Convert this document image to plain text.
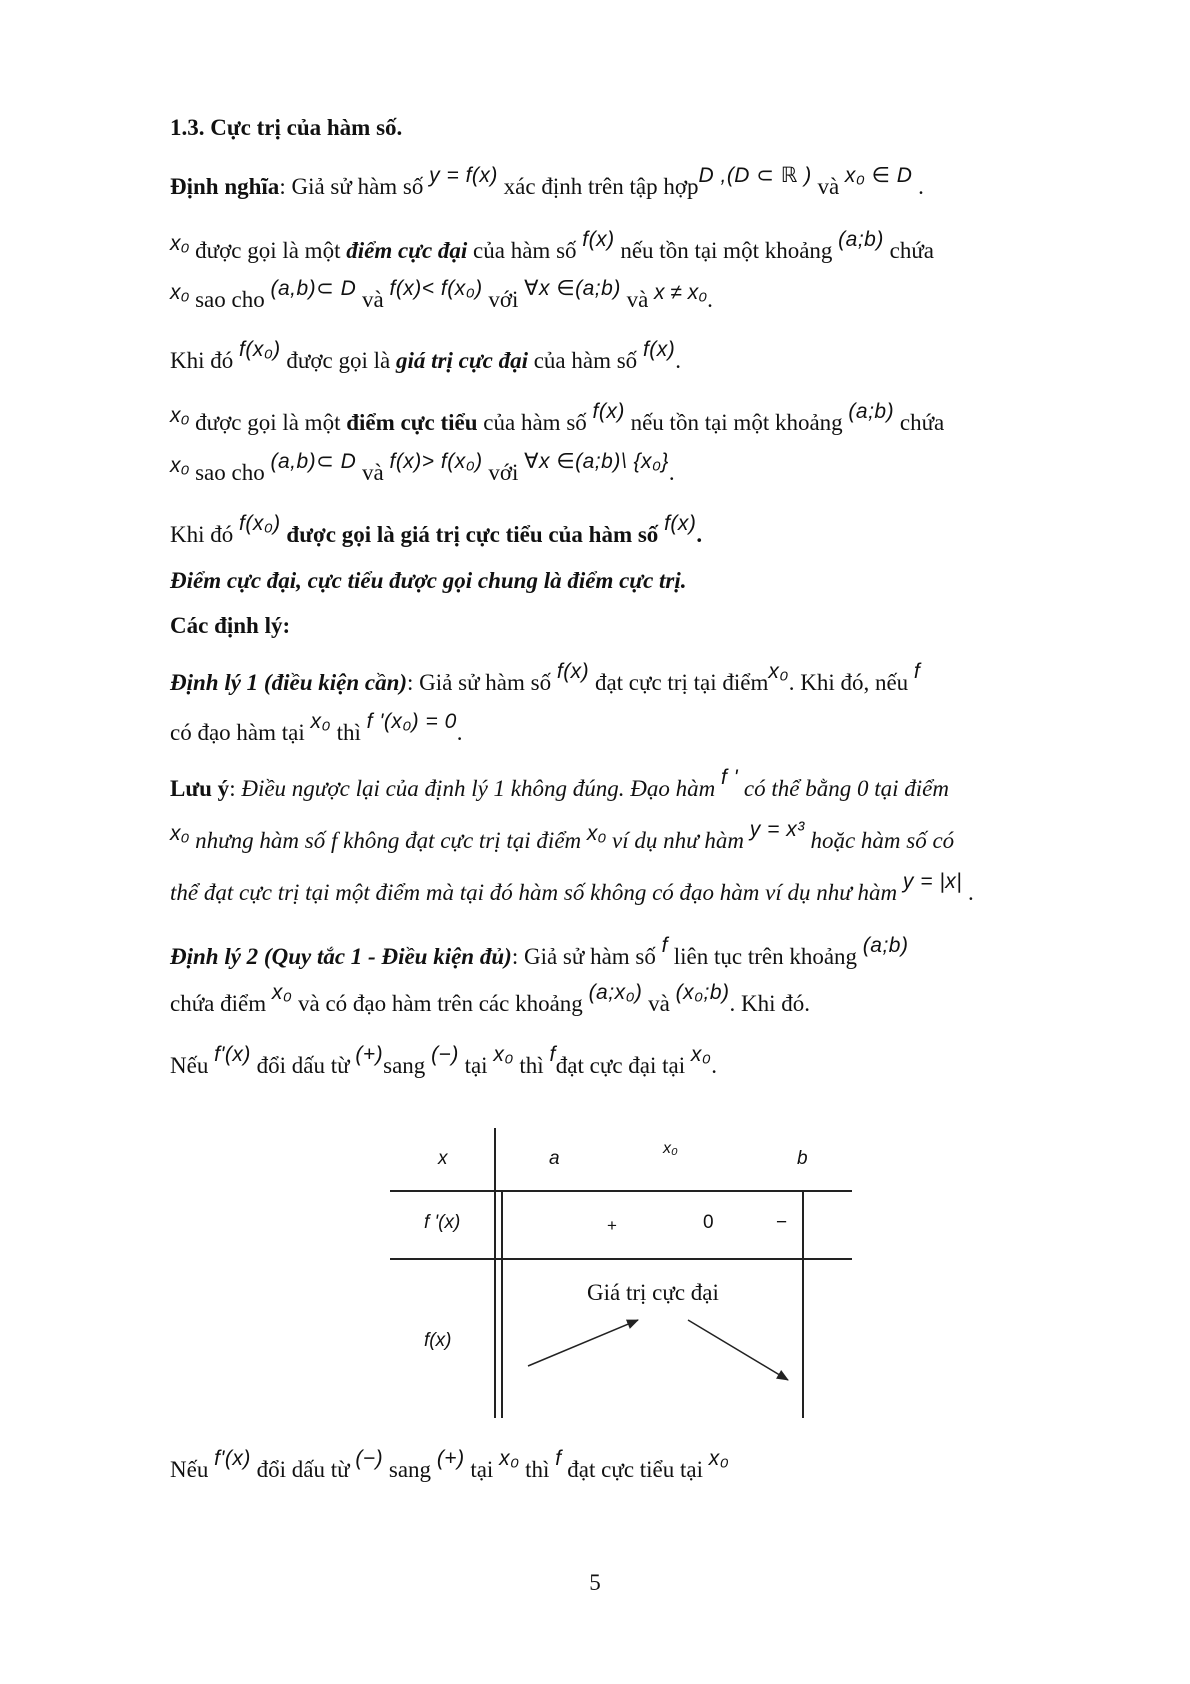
1.3. Cực trị của hàm số.
Định nghĩa: Giả sử hàm số y = f(x) xác định trên tập hợpD ,(D ⊂ ℝ ) và x₀ ∈ D .
x₀ được gọi là một điểm cực đại của hàm số f(x) nếu tồn tại một khoảng (a;b) chứa
x₀ sao cho (a,b)⊂ D và f(x)< f(x₀) với ∀x ∈(a;b) và x ≠ x₀.
Khi đó f(x₀) được gọi là giá trị cực đại của hàm số f(x).
x₀ được gọi là một điểm cực tiểu của hàm số f(x) nếu tồn tại một khoảng (a;b) chứa
x₀ sao cho (a,b)⊂ D và f(x)> f(x₀) với ∀x ∈(a;b)\ {x₀}.
Khi đó f(x₀) được gọi là giá trị cực tiểu của hàm số f(x).
Điểm cực đại, cực tiểu được gọi chung là điểm cực trị.
Các định lý:
Định lý 1 (điều kiện cần): Giả sử hàm số f(x) đạt cực trị tại điểmx₀. Khi đó, nếu f
có đạo hàm tại x₀ thì f '(x₀) = 0.
Lưu ý: Điều ngược lại của định lý 1 không đúng. Đạo hàm f ' có thể bằng 0 tại điểm
x₀ nhưng hàm số f không đạt cực trị tại điểm x₀ ví dụ như hàm y = x³ hoặc hàm số có
thể đạt cực trị tại một điểm mà tại đó hàm số không có đạo hàm ví dụ như hàm y = |x| .
Định lý 2 (Quy tắc 1 - Điều kiện đủ): Giả sử hàm số f liên tục trên khoảng (a;b)
chứa điểm x₀ và có đạo hàm trên các khoảng (a;x₀) và (x₀;b). Khi đó.
Nếu f'(x) đổi dấu từ (+)sang (−) tại x₀ thì fđạt cực đại tại x₀.
x	a	x₀	b
f '(x)	+	0	−
f(x)
Giá trị cực đại
Nếu f'(x) đổi dấu từ (−) sang (+) tại x₀ thì f đạt cực tiểu tại x₀
5
